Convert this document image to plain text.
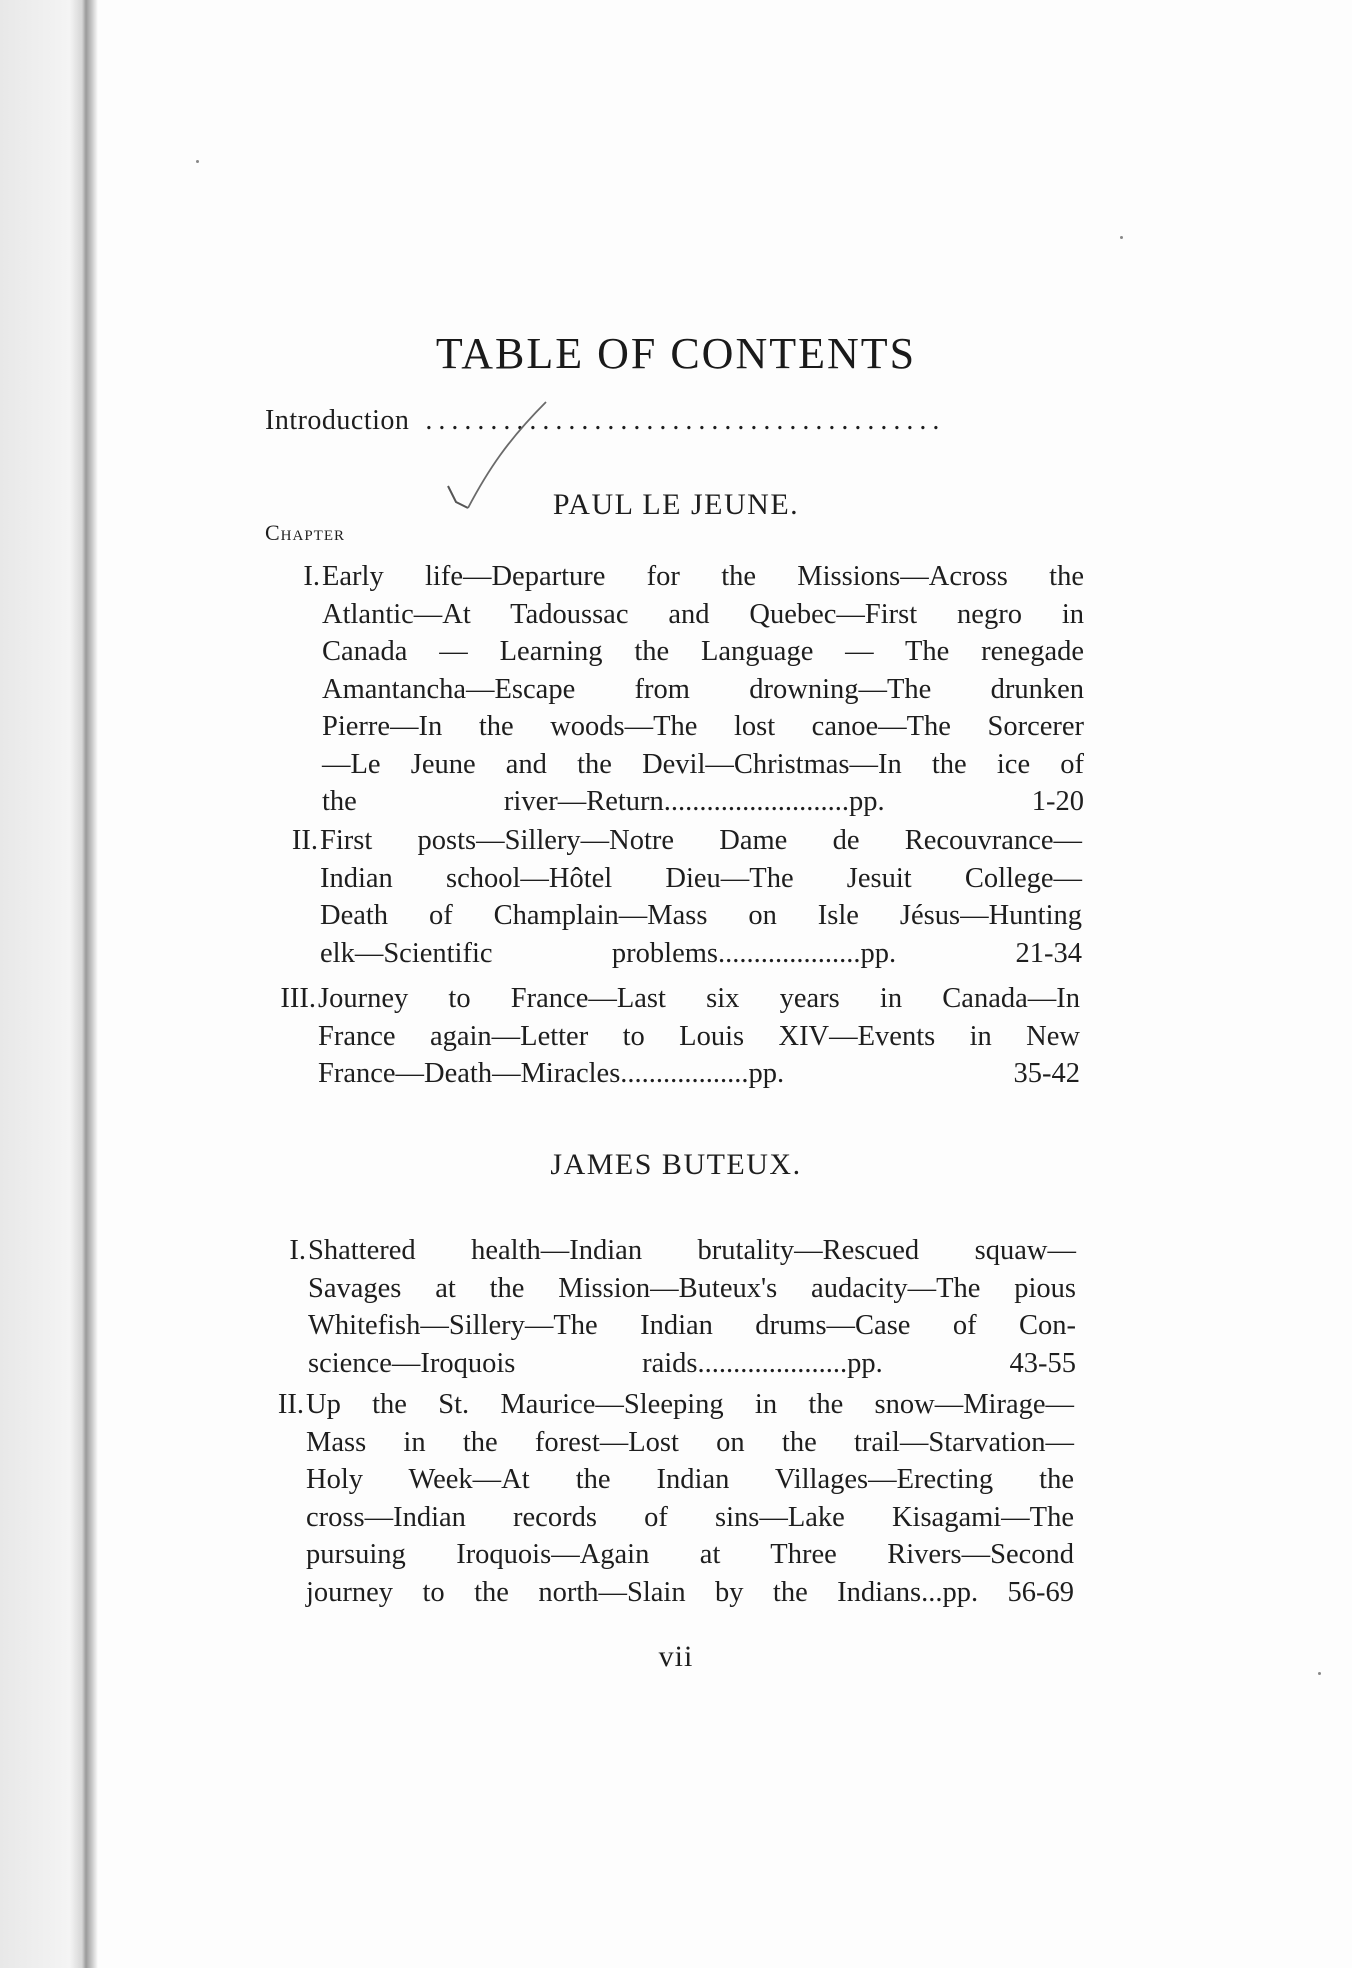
TABLE OF CONTENTS
Introduction ........................................
PAUL LE JEUNE.
Chapter
I. Early life—Departure for the Missions—Across the
Atlantic—At Tadoussac and Quebec—First negro in
Canada — Learning the Language — The renegade
Amantancha—Escape from drowning—The drunken
Pierre—In the woods—The lost canoe—The Sorcerer
—Le Jeune and the Devil—Christmas—In the ice of
the river—Return..........................pp. 1-20
II. First posts—Sillery—Notre Dame de Recouvrance—
Indian school—Hôtel Dieu—The Jesuit College—
Death of Champlain—Mass on Isle Jésus—Hunting
elk—Scientific problems....................pp. 21-34
III. Journey to France—Last six years in Canada—In
France again—Letter to Louis XIV—Events in New
France—Death—Miracles..................pp. 35-42
JAMES BUTEUX.
I. Shattered health—Indian brutality—Rescued squaw—
Savages at the Mission—Buteux's audacity—The pious
Whitefish—Sillery—The Indian drums—Case of Con-
science—Iroquois raids.....................pp. 43-55
II. Up the St. Maurice—Sleeping in the snow—Mirage—
Mass in the forest—Lost on the trail—Starvation—
Holy Week—At the Indian Villages—Erecting the
cross—Indian records of sins—Lake Kisagami—The
pursuing Iroquois—Again at Three Rivers—Second
journey to the north—Slain by the Indians...pp. 56-69
vii
